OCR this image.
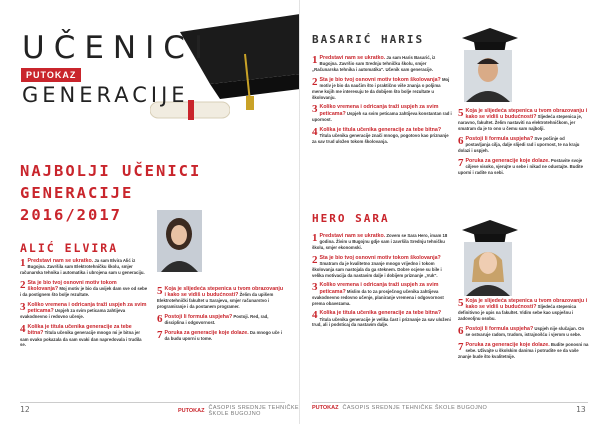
UČENICI
PUTOKAZ
GENERACIJE
NAJBOLJI UČENICI GENERACIJE
2016/2017
ALIĆ ELVIRA
1 Predstavi nam se ukratko. Ja sam Elvira Alić iz Bugojna. Završila sam Elektrotehničku školu, smjer računarska tehnika i automatika i ubrojena sam u generaciju.
2 Šta je bio tvoj osnovni motiv tokom školovanja? Moj motiv je bio da uvijek dam sve od sebe i da postignem što bolje rezultate.
3 Koliko vremena i odricanja traži uspjeh za svim peticama? Uspjeh za svim peticama zahtijeva svakodnevno i redovno učenje.
4 Kolika je titula učenika generacije za tebe bitna? Titula učenika generacije mnogo mi je bitna jer sam ovako pokazala da sam svaki dan napredovala i trudila se.
5 Koja je slijedeća stepenica u tvom obrazovanju i kako se vidiš u budućnosti? Želim da upišem Elektrotehnički fakultet u Sarajevu, smjer računarstvo i programiranje i da postanem programer.
6 Postoji li formula uspjeha? Postoji. Red, rad, disciplina i odgovornost.
7 Poruka za generacije koje dolaze. Da mnogo uče i da budu uporni u tome.
12	PUTOKAZ ČASOPIS SREDNJE TEHNIČKE ŠKOLE BUGOJNO
BASARIĆ HARIS
1 Predstavi nam se ukratko. Ja sam Haris Basarić, iz Bugojna. Završio sam Srednju tehničku školu, smjer „Računarska tehnika i automatika". Učenik sam generacije.
2 Šta je bio tvoj osnovni motiv tokom školovanja? Moj motiv je bio da naučim što i praktično više znanja o poljima mene kojih me interesuju te da dobijem što bolje rezultate u školovanju.
3 Koliko vremena i odricanja traži uspjeh za svim peticama? Uspjeh sa svim peticama zahtijeva konstantan rad i upornost.
4 Kolika je titula učenika generacije za tebe bitna? Titula učenika generacije znači mnogo, pogotovo kao priznanje za sav trud uložen tokom školovanja.
5 Koja je slijedeća stepenica u tvom obrazovanju i kako se vidiš u budućnosti? Sljedeća stepenica je, naravno, fakultet. Želim nastaviti na elektrotehničkom, jer smatram da je to ono u čemu sam najbolji.
6 Postoji li formula uspjeha? Sve počinje od postavljanja cilja, dalje slijedi rad i upornost, te na kraju dolazi i uspjeh.
7 Poruka za generacije koje dolaze. Postavite svoje ciljeve visoko, vjerujte u sebe i nikad ne odustajte. Budite uporni i radite na sebi.
HERO SARA
1 Predstavi nam se ukratko. Zovem se Sara Hero, imam 18 godina. Živim u Bugojnu gdje sam i završila Srednju tehničku školu, smjer ekonomski.
2 Šta je bio tvoj osnovni motiv tokom školovanja? Smatram da je kvalitetno znanje mnogo vrijedno i tokom školovanja sam nastojala da ga steknem. Dobre ocjene su bile i velika motivacija da nastavim dalje i dobijem priznanje „Vuk".
3 Koliko vremena i odricanja traži uspjeh za svim peticama? Mislim da to za prosječnog učenika zahtijeva svakodnevno redovno učenje, planiranje vremena i odgovornost prema obavezama.
4 Kolika je titula učenika generacije za tebe bitna? Titula učenika generacije je velika čast i priznanje za sav uloženi trud, ali i podsticaj da nastavim dalje.
5 Koja je slijedeća stepenica u tvom obrazovanju i kako se vidiš u budućnosti? Sljedeća stepenica definitivno je upis na fakultet. Vidim sebe kao uspješnu i zadovoljnu osobu.
6 Postoji li formula uspjeha? Uspjeh nije slučajan. On se ostvaruje radom, trudom, istrajnošću i vjerom u sebe.
7 Poruka za generacije koje dolaze. Budite ponosni na sebe. Uživajte u školskim danima i potrudite se da vaše znanje bude što kvalitetnije.
PUTOKAZ ČASOPIS SREDNJE TEHNIČKE ŠKOLE BUGOJNO	13
